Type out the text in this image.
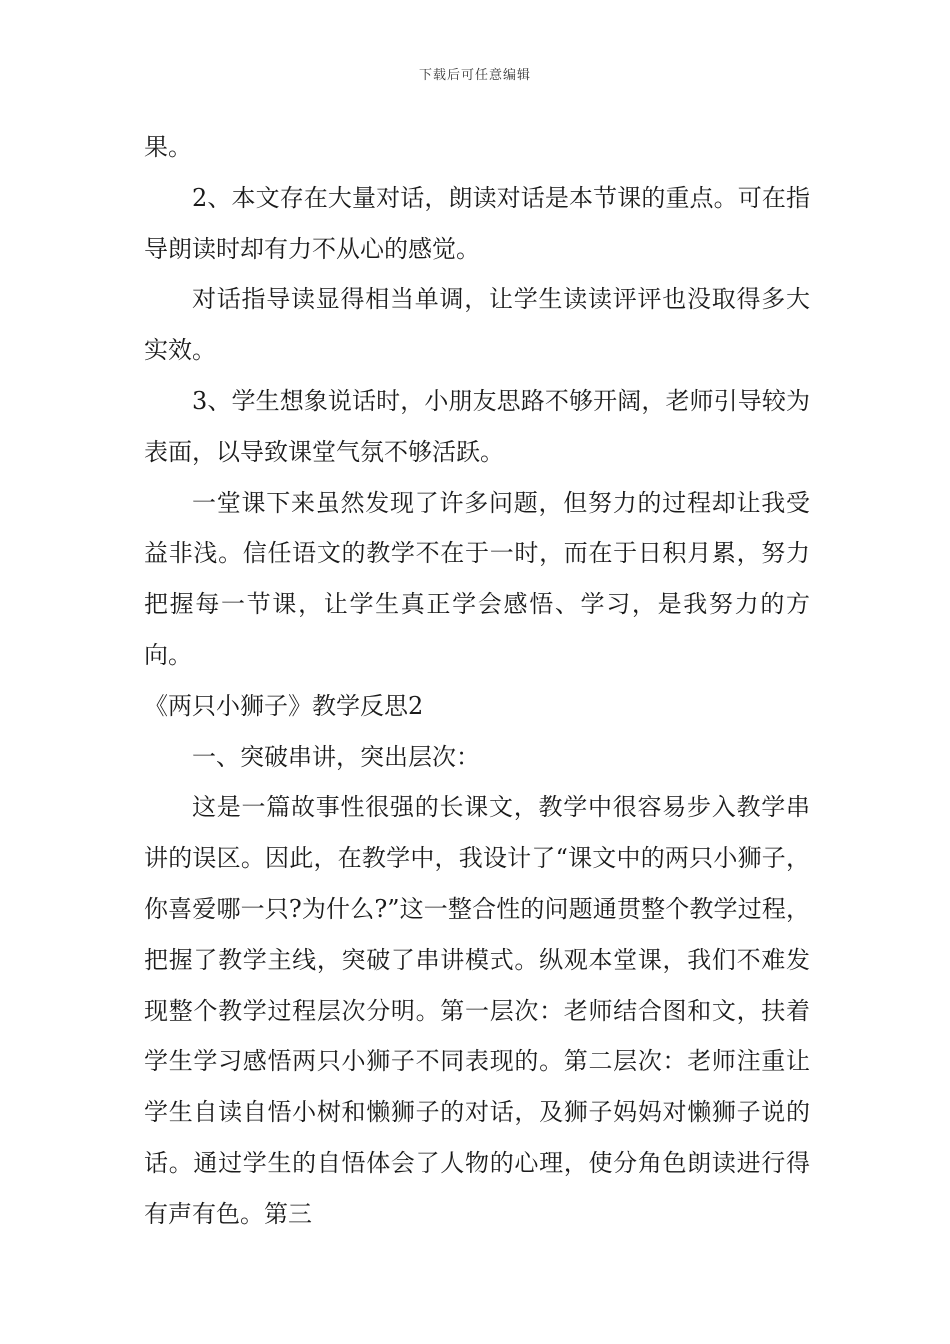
下载后可任意编辑

果。

2、本文存在大量对话，朗读对话是本节课的重点。可在指导朗读时却有力不从心的感觉。

对话指导读显得相当单调，让学生读读评评也没取得多大实效。

3、学生想象说话时，小朋友思路不够开阔，老师引导较为表面，以导致课堂气氛不够活跃。

一堂课下来虽然发现了许多问题，但努力的过程却让我受益非浅。信任语文的教学不在于一时，而在于日积月累，努力把握每一节课，让学生真正学会感悟、学习，是我努力的方向。

《两只小狮子》教学反思2

一、突破串讲，突出层次：

这是一篇故事性很强的长课文，教学中很容易步入教学串讲的误区。因此，在教学中，我设计了“课文中的两只小狮子，你喜爱哪一只?为什么?”这一整合性的问题通贯整个教学过程，把握了教学主线，突破了串讲模式。纵观本堂课，我们不难发现整个教学过程层次分明。第一层次：老师结合图和文，扶着学生学习感悟两只小狮子不同表现的。第二层次：老师注重让学生自读自悟小树和懒狮子的对话，及狮子妈妈对懒狮子说的话。通过学生的自悟体会了人物的心理，使分角色朗读进行得有声有色。第三
